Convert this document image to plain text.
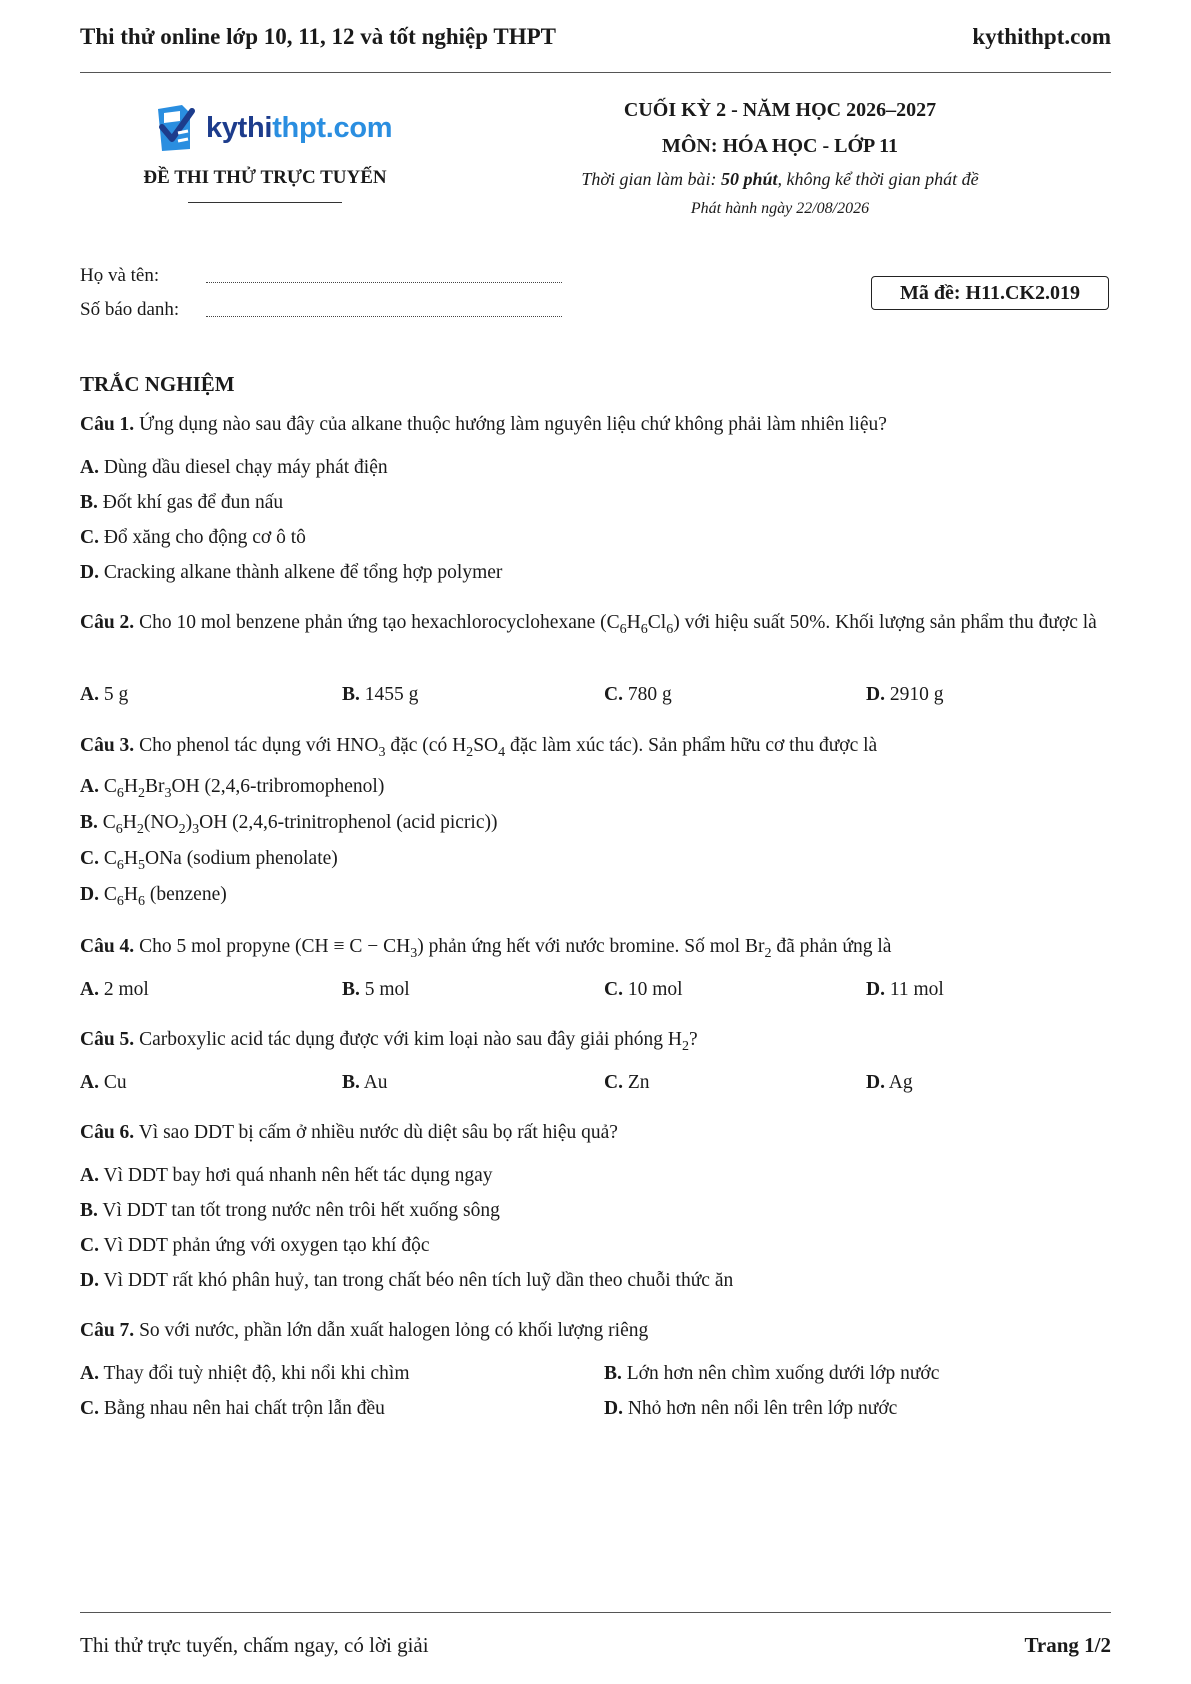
Thi thử online lớp 10, 11, 12 và tốt nghiệp THPT	kythithpt.com
kythithpt.com
ĐỀ THI THỬ TRỰC TUYẾN
CUỐI KỲ 2 - NĂM HỌC 2026–2027
MÔN: HÓA HỌC - LỚP 11
Thời gian làm bài: 50 phút, không kể thời gian phát đề
Phát hành ngày 22/08/2026
Họ và tên:
Số báo danh:
Mã đề: H11.CK2.019
TRẮC NGHIỆM
Câu 1. Ứng dụng nào sau đây của alkane thuộc hướng làm nguyên liệu chứ không phải làm nhiên liệu?
A. Dùng dầu diesel chạy máy phát điện
B. Đốt khí gas để đun nấu
C. Đổ xăng cho động cơ ô tô
D. Cracking alkane thành alkene để tổng hợp polymer
Câu 2. Cho 10 mol benzene phản ứng tạo hexachlorocyclohexane $(C_6H_6Cl_6)$ với hiệu suất 50%. Khối lượng sản phẩm thu được là
A. 5 g	B. 1455 g	C. 780 g	D. 2910 g
Câu 3. Cho phenol tác dụng với $HNO_3$ đặc (có $H_2SO_4$ đặc làm xúc tác). Sản phẩm hữu cơ thu được là
A. $C_6H_2Br_3OH$ (2,4,6-tribromophenol)
B. $C_6H_2(NO_2)_3OH$ (2,4,6-trinitrophenol (acid picric))
C. $C_6H_5ONa$ (sodium phenolate)
D. $C_6H_6$ (benzene)
Câu 4. Cho 5 mol propyne $(CH \equiv C - CH_3)$ phản ứng hết với nước bromine. Số mol $Br_2$ đã phản ứng là
A. 2 mol	B. 5 mol	C. 10 mol	D. 11 mol
Câu 5. Carboxylic acid tác dụng được với kim loại nào sau đây giải phóng $H_2$?
A. Cu	B. Au	C. Zn	D. Ag
Câu 6. Vì sao DDT bị cấm ở nhiều nước dù diệt sâu bọ rất hiệu quả?
A. Vì DDT bay hơi quá nhanh nên hết tác dụng ngay
B. Vì DDT tan tốt trong nước nên trôi hết xuống sông
C. Vì DDT phản ứng với oxygen tạo khí độc
D. Vì DDT rất khó phân huỷ, tan trong chất béo nên tích luỹ dần theo chuỗi thức ăn
Câu 7. So với nước, phần lớn dẫn xuất halogen lỏng có khối lượng riêng
A. Thay đổi tuỳ nhiệt độ, khi nổi khi chìm	B. Lớn hơn nên chìm xuống dưới lớp nước
C. Bằng nhau nên hai chất trộn lẫn đều	D. Nhỏ hơn nên nổi lên trên lớp nước
Thi thử trực tuyến, chấm ngay, có lời giải	Trang 1/2
